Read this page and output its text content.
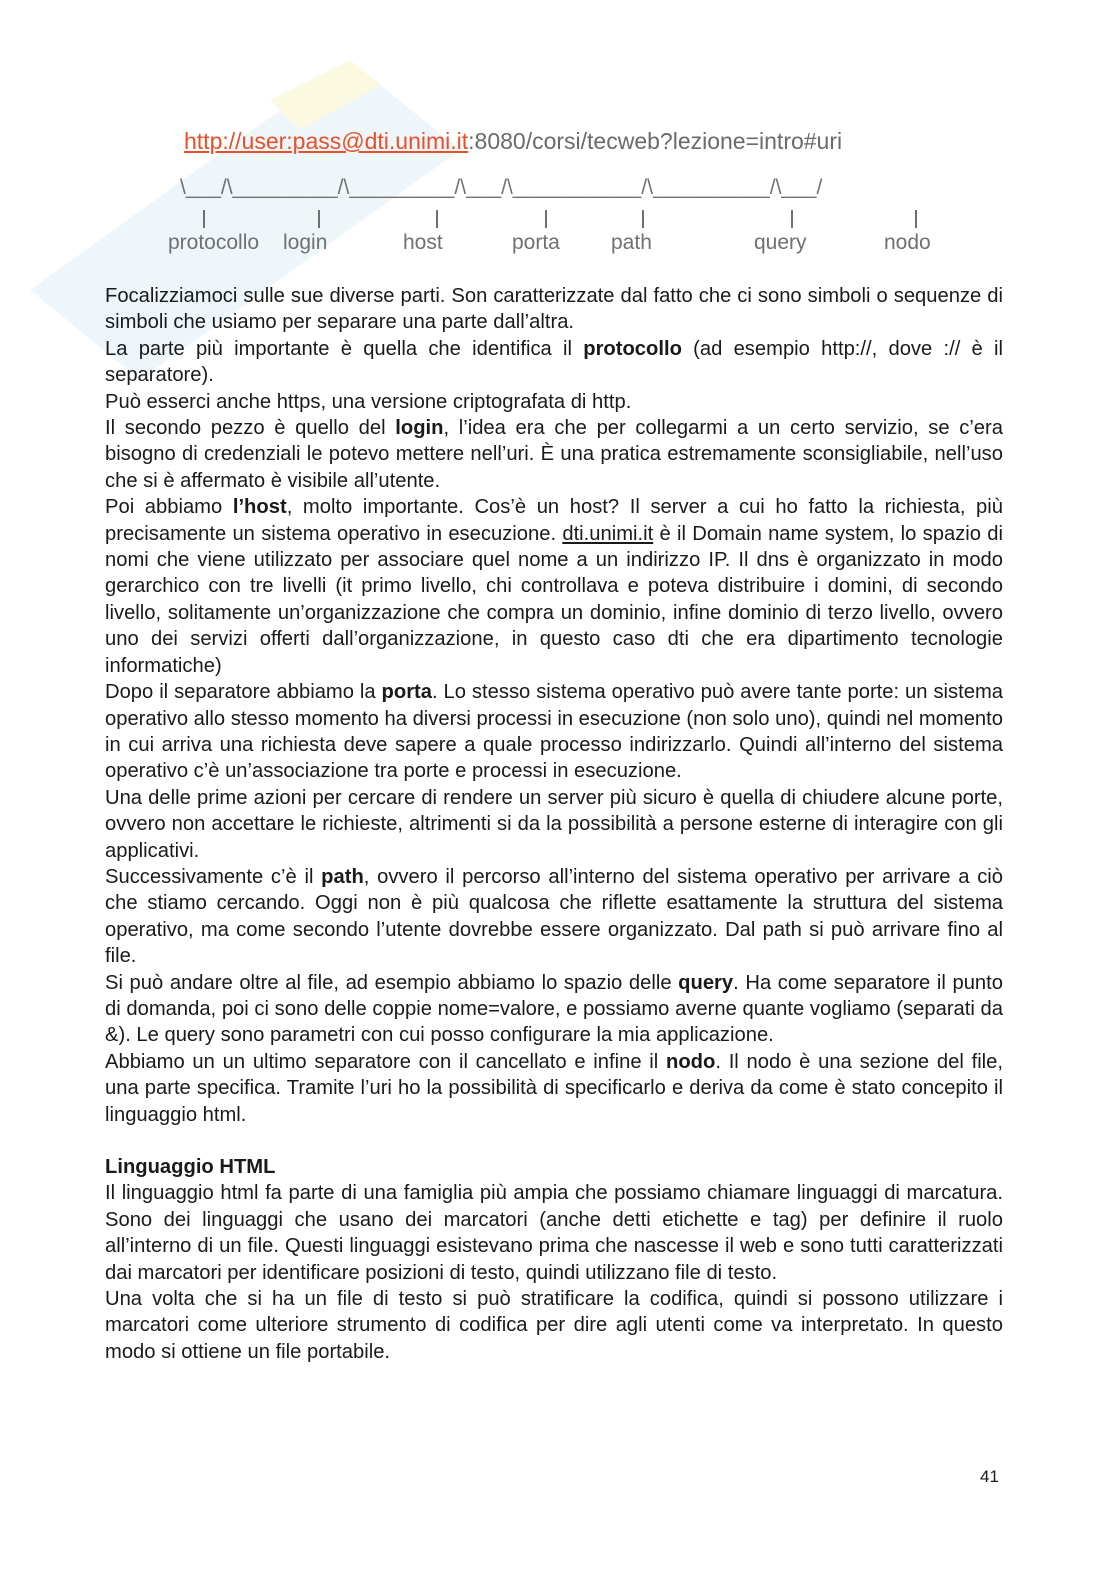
http://user:pass@dti.unimi.it:8080/corsi/tecweb?lezione=intro#uri
\___/\_________/\_________/\___/\___________/\__________/\___/
protocollo login	host	porta path	query	nodo

Focalizziamoci sulle sue diverse parti. Son caratterizzate dal fatto che ci sono simboli o sequenze di simboli che usiamo per separare una parte dall’altra.

La parte più importante è quella che identifica il protocollo (ad esempio http://, dove :// è il separatore).

Può esserci anche https, una versione criptografata di http.

Il secondo pezzo è quello del login, l’idea era che per collegarmi a un certo servizio, se c’era bisogno di credenziali le potevo mettere nell’uri. È una pratica estremamente sconsigliabile, nell’uso che si è affermato è visibile all’utente.

Poi abbiamo l’host, molto importante. Cos’è un host? Il server a cui ho fatto la richiesta, più precisamente un sistema operativo in esecuzione. dti.unimi.it è il Domain name system, lo spazio di nomi che viene utilizzato per associare quel nome a un indirizzo IP. Il dns è organizzato in modo gerarchico con tre livelli (it primo livello, chi controllava e poteva distribuire i domini, di secondo livello, solitamente un’organizzazione che compra un dominio, infine dominio di terzo livello, ovvero uno dei servizi offerti dall’organizzazione, in questo caso dti che era dipartimento tecnologie informatiche)

Dopo il separatore abbiamo la porta. Lo stesso sistema operativo può avere tante porte: un sistema operativo allo stesso momento ha diversi processi in esecuzione (non solo uno), quindi nel momento in cui arriva una richiesta deve sapere a quale processo indirizzarlo. Quindi all’interno del sistema operativo c’è un’associazione tra porte e processi in esecuzione.

Una delle prime azioni per cercare di rendere un server più sicuro è quella di chiudere alcune porte, ovvero non accettare le richieste, altrimenti si da la possibilità a persone esterne di interagire con gli applicativi.

Successivamente c’è il path, ovvero il percorso all’interno del sistema operativo per arrivare a ciò che stiamo cercando. Oggi non è più qualcosa che riflette esattamente la struttura del sistema operativo, ma come secondo l’utente dovrebbe essere organizzato. Dal path si può arrivare fino al file.

Si può andare oltre al file, ad esempio abbiamo lo spazio delle query. Ha come separatore il punto di domanda, poi ci sono delle coppie nome=valore, e possiamo averne quante vogliamo (separati da &). Le query sono parametri con cui posso configurare la mia applicazione.

Abbiamo un un ultimo separatore con il cancellato e infine il nodo. Il nodo è una sezione del file, una parte specifica. Tramite l’uri ho la possibilità di specificarlo e deriva da come è stato concepito il linguaggio html.

Linguaggio HTML

Il linguaggio html fa parte di una famiglia più ampia che possiamo chiamare linguaggi di marcatura. Sono dei linguaggi che usano dei marcatori (anche detti etichette e tag) per definire il ruolo all’interno di un file. Questi linguaggi esistevano prima che nascesse il web e sono tutti caratterizzati dai marcatori per identificare posizioni di testo, quindi utilizzano file di testo.

Una volta che si ha un file di testo si può stratificare la codifica, quindi si possono utilizzare i marcatori come ulteriore strumento di codifica per dire agli utenti come va interpretato. In questo modo si ottiene un file portabile.

41
